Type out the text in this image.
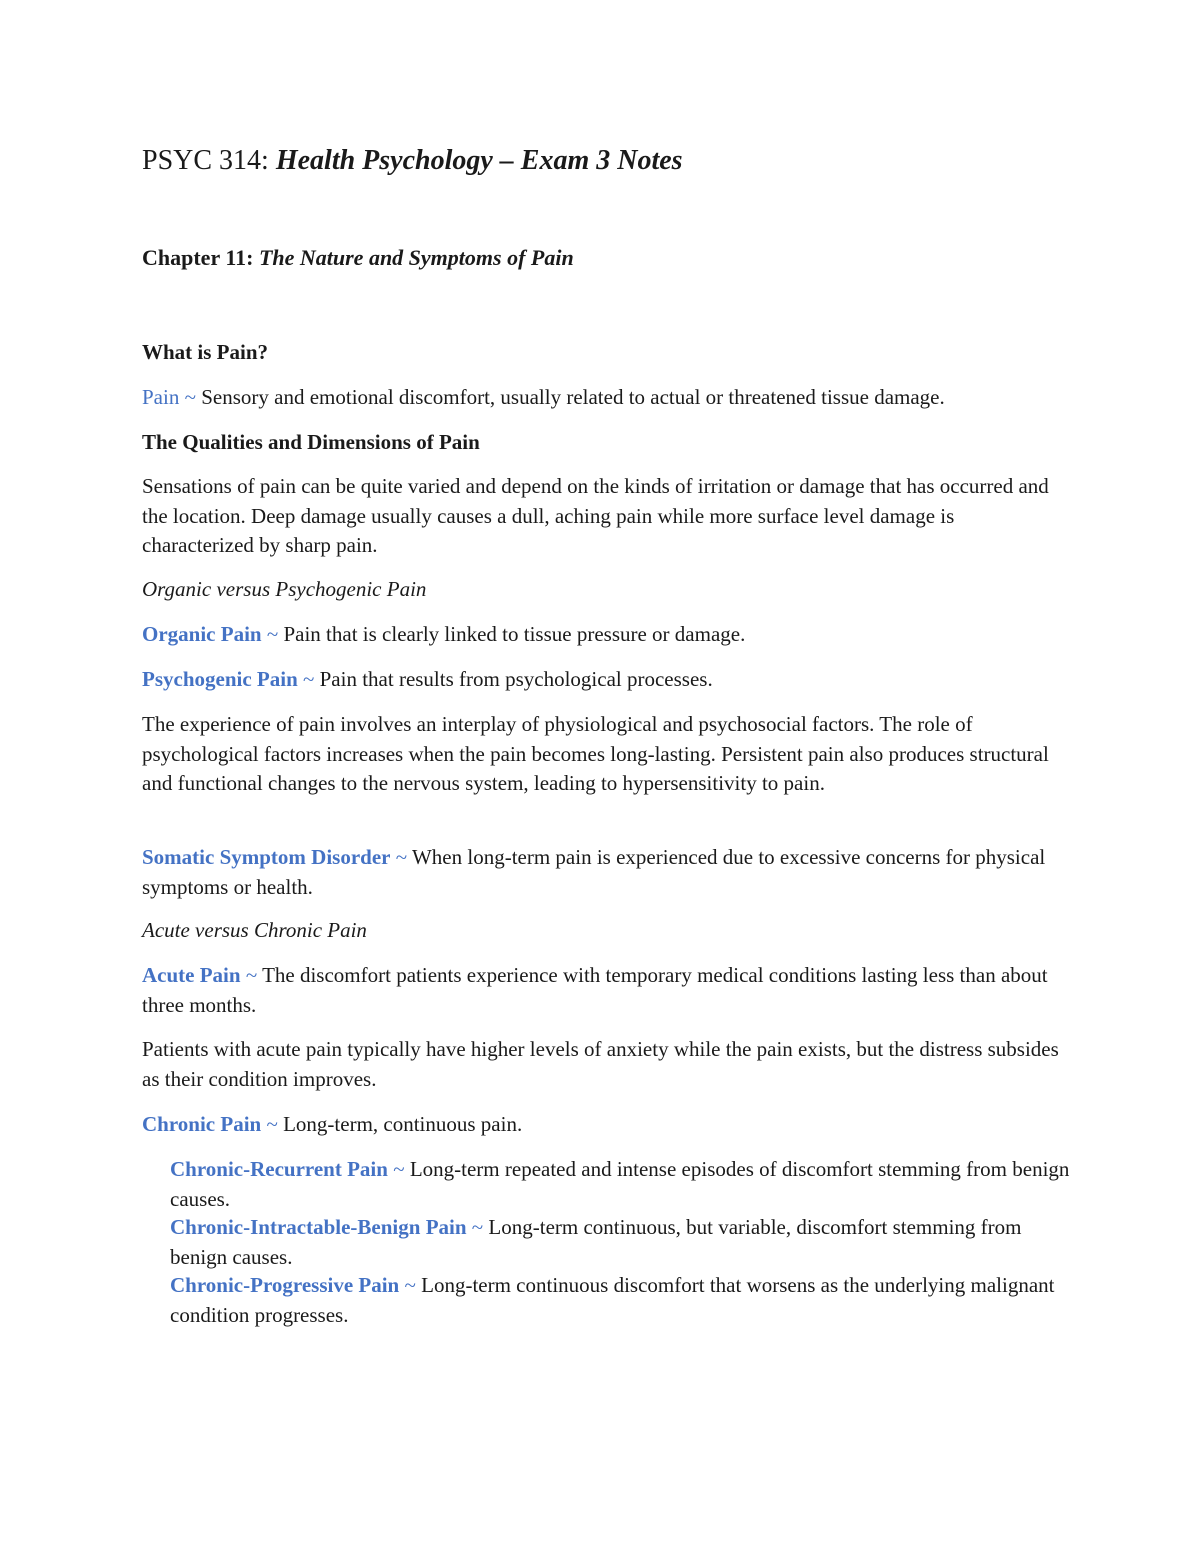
PSYC 314: Health Psychology – Exam 3 Notes
Chapter 11: The Nature and Symptoms of Pain
What is Pain?

Pain ~ Sensory and emotional discomfort, usually related to actual or threatened tissue damage.

The Qualities and Dimensions of Pain

Sensations of pain can be quite varied and depend on the kinds of irritation or damage that has occurred and the location. Deep damage usually causes a dull, aching pain while more surface level damage is characterized by sharp pain.

Organic versus Psychogenic Pain

Organic Pain ~ Pain that is clearly linked to tissue pressure or damage.

Psychogenic Pain ~ Pain that results from psychological processes.

The experience of pain involves an interplay of physiological and psychosocial factors. The role of psychological factors increases when the pain becomes long-lasting. Persistent pain also produces structural and functional changes to the nervous system, leading to hypersensitivity to pain.

Somatic Symptom Disorder ~ When long-term pain is experienced due to excessive concerns for physical symptoms or health.

Acute versus Chronic Pain

Acute Pain ~ The discomfort patients experience with temporary medical conditions lasting less than about three months.

Patients with acute pain typically have higher levels of anxiety while the pain exists, but the distress subsides as their condition improves.

Chronic Pain ~ Long-term, continuous pain.

Chronic-Recurrent Pain ~ Long-term repeated and intense episodes of discomfort stemming from benign causes.

Chronic-Intractable-Benign Pain ~ Long-term continuous, but variable, discomfort stemming from benign causes.

Chronic-Progressive Pain ~ Long-term continuous discomfort that worsens as the underlying malignant condition progresses.
